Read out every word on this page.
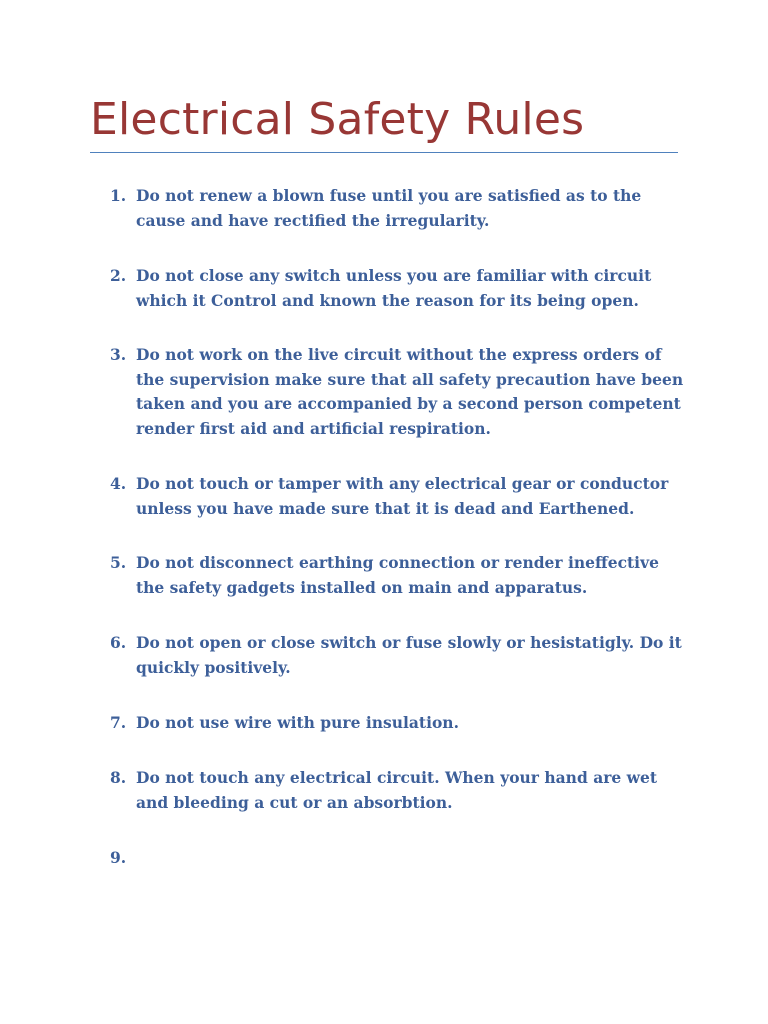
Electrical Safety Rules
1. Do not renew a blown fuse until you are satisfied as to the cause and have rectified the irregularity.
2. Do not close any switch unless you are familiar with circuit which it Control and known the reason for its being open.
3. Do not work on the live circuit without the express orders of the supervision make sure that all safety precaution have been taken and you are accompanied by a second person competent render first aid and artificial respiration.
4. Do not touch or tamper with any electrical gear or conductor unless you have made sure that it is dead and Earthened.
5. Do not disconnect earthing connection or render ineffective the safety gadgets installed on main and apparatus.
6. Do not open or close switch or fuse slowly or hesistatigly. Do it quickly positively.
7. Do not use wire with pure insulation.
8. Do not touch any electrical circuit. When your hand are wet and bleeding a cut or an absorbtion.
9.
